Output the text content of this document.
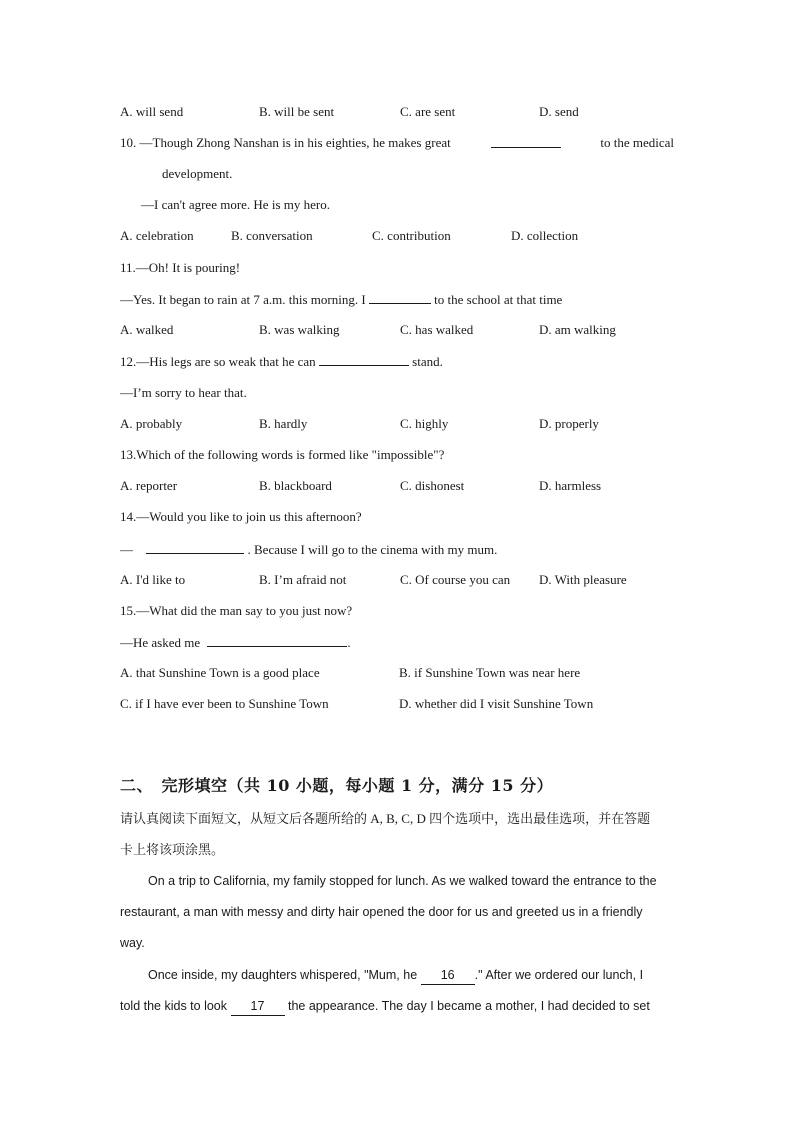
A. will send	B. will be sent	C. are sent	D. send
10. —Though Zhong Nanshan is in his eighties, he makes great	to the medical
development.
—I can't agree more. He is my hero.
A. celebration	B. conversation	C. contribution	D. collection
11.—Oh! It is pouring!
—Yes. It began to rain at 7 a.m. this morning. I	to the school at that time
A. walked	B. was walking	C. has walked	D. am walking
12.—His legs are so weak that he can	stand.
—I’m sorry to hear that.
A. probably	B. hardly	C. highly	D. properly
13.Which of the following words is formed like "impossible"?
A. reporter	B. blackboard	C. dishonest	D. harmless
14.—Would you like to join us this afternoon?
—	. Because I will go to the cinema with my mum.
A. I'd like to	B. I’m afraid not	C. Of course you can D. With pleasure
15.—What did the man say to you just now?
—He asked me	.
A. that Sunshine Town is a good place	B. if Sunshine Town was near here
C. if I have ever been to Sunshine Town	D. whether did I visit Sunshine Town
二、　完形填空（共 10 小题，每小题 1 分，满分 15 分）
请认真阅读下面短文，从短文后各题所给的 A, B, C, D 四个选项中，选出最佳选项，并在答题
卡上将该项涂黑。
On a trip to California, my family stopped for lunch. As we walked toward the entrance to the
restaurant, a man with messy and dirty hair opened the door for us and greeted us in a friendly
way.
Once inside, my daughters whispered, "Mum, he 16 ." After we ordered our lunch, I
told the kids to look 17 the appearance. The day I became a mother, I had decided to set
